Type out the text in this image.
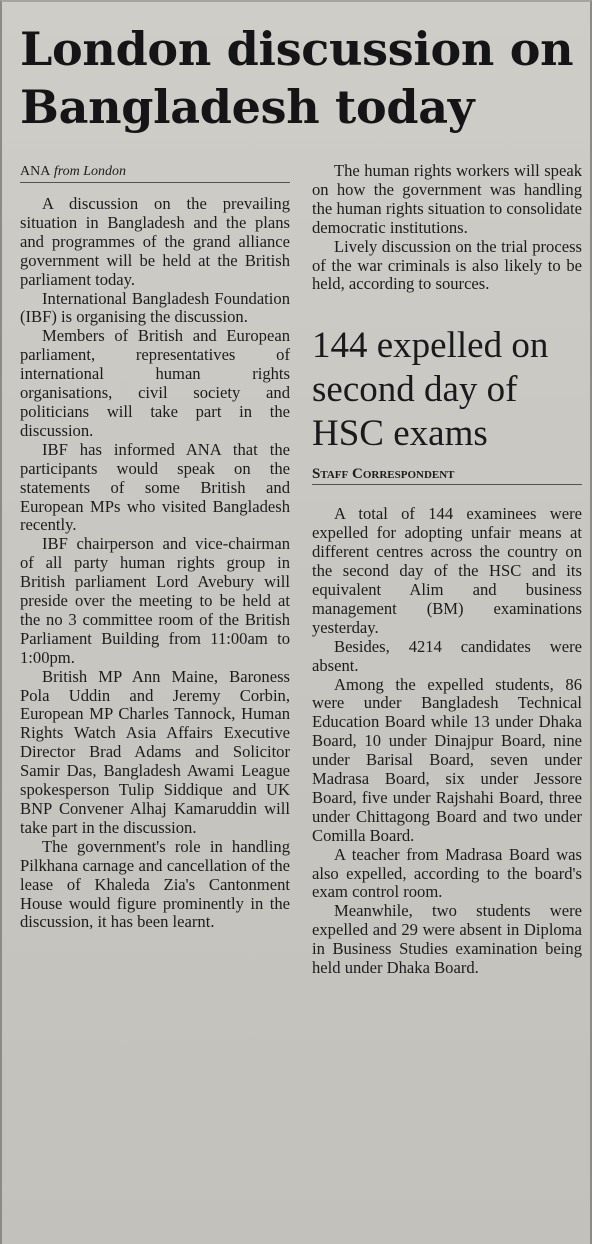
London discussion on Bangladesh today
ANA from London

A discussion on the prevailing situation in Bangladesh and the plans and programmes of the grand alliance government will be held at the British parliament today.

International Bangladesh Foundation (IBF) is organising the discussion.

Members of British and European parliament, representatives of international human rights organisations, civil society and politicians will take part in the discussion.

IBF has informed ANA that the participants would speak on the statements of some British and European MPs who visited Bangladesh recently.

IBF chairperson and vice-chairman of all party human rights group in British parliament Lord Avebury will preside over the meeting to be held at the no 3 committee room of the British Parliament Building from 11:00am to 1:00pm.

British MP Ann Maine, Baroness Pola Uddin and Jeremy Corbin, European MP Charles Tannock, Human Rights Watch Asia Affairs Executive Director Brad Adams and Solicitor Samir Das, Bangladesh Awami League spokesperson Tulip Siddique and UK BNP Convener Alhaj Kamaruddin will take part in the discussion.

The government's role in handling Pilkhana carnage and cancellation of the lease of Khaleda Zia's Cantonment House would figure prominently in the discussion, it has been learnt.

The human rights workers will speak on how the government was handling the human rights situation to consolidate democratic institutions.

Lively discussion on the trial process of the war criminals is also likely to be held, according to sources.

144 expelled on second day of HSC exams
Staff Correspondent

A total of 144 examinees were expelled for adopting unfair means at different centres across the country on the second day of the HSC and its equivalent Alim and business management (BM) examinations yesterday.

Besides, 4214 candidates were absent.

Among the expelled students, 86 were under Bangladesh Technical Education Board while 13 under Dhaka Board, 10 under Dinajpur Board, nine under Barisal Board, seven under Madrasa Board, six under Jessore Board, five under Rajshahi Board, three under Chittagong Board and two under Comilla Board.

A teacher from Madrasa Board was also expelled, according to the board's exam control room.

Meanwhile, two students were expelled and 29 were absent in Diploma in Business Studies examination being held under Dhaka Board.
